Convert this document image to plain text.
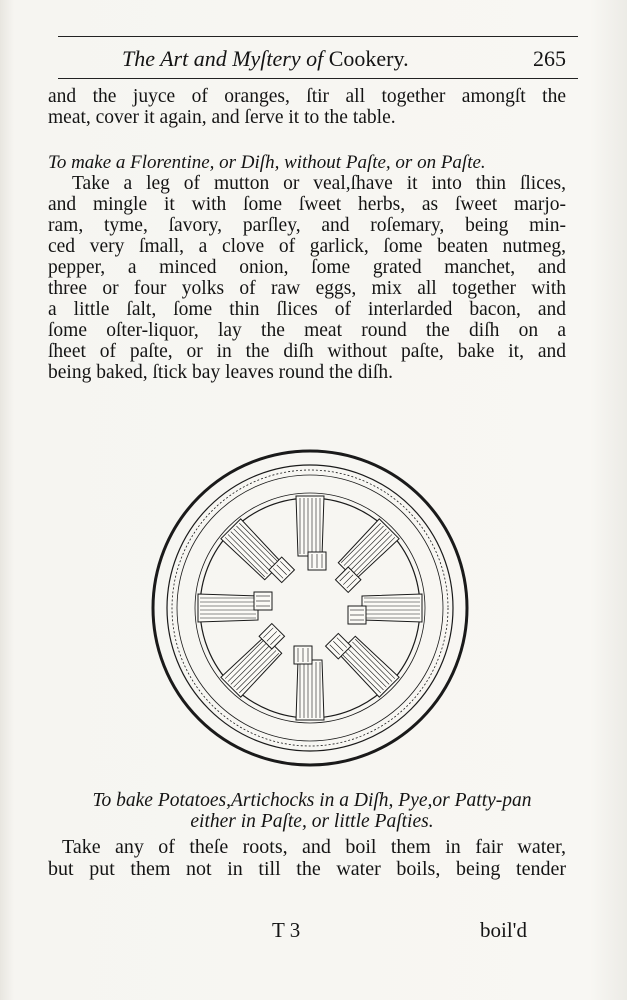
The Art and Myſtery of Cookery.	265
and the juyce of oranges, ſtir all together amongſt the
meat, cover it again, and ſerve it to the table.
To make a Florentine, or Diſh, without Paſte, or on Paſte.
Take a leg of mutton or veal,ſhave it into thin ſlices,
and mingle it with ſome ſweet herbs, as ſweet marjo-
ram, tyme, ſavory, parſley, and roſemary, being min-
ced very ſmall, a clove of garlick, ſome beaten nutmeg,
pepper, a minced onion, ſome grated manchet, and
three or four yolks of raw eggs, mix all together with
a little ſalt, ſome thin ſlices of interlarded bacon, and
ſome oſter-liquor, lay the meat round the diſh on a
ſheet of paſte, or in the diſh without paſte, bake it, and
being baked, ſtick bay leaves round the diſh.
To bake Potatoes,Artichocks in a Diſh, Pye,or Patty-pan
either in Paſte, or little Paſties.
Take any of theſe roots, and boil them in fair water,
but put them not in till the water boils, being tender
T 3	boil'd
